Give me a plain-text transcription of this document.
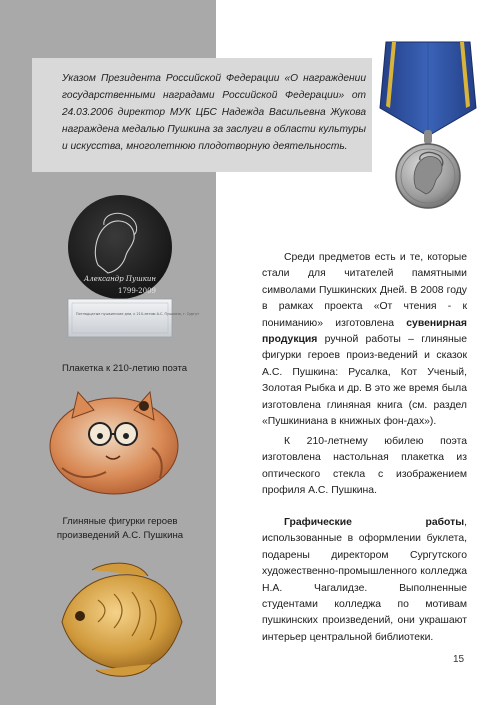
Указом Президента Российской Федерации «О награждении государственными наградами Российской Федерации» от 24.03.2006 директор МУК ЦБС Надежда Васильевна Жукова награждена медалью Пушкина за заслуги в области культуры и искусства, многолетнюю плодотворную деятельность.

Александр Пушкин
1799-2009
Пятнадцатые пушкинские дни, к 210-летию А.С. Пушкина, г. Сургут

Плакетка к 210-летию поэта

Глиняные фигурки героев произведений А.С. Пушкина

Среди предметов есть и те, которые стали для читателей памятными символами Пушкинских Дней. В 2008 году в рамках проекта «От чтения - к пониманию» изготовлена сувенирная продукция ручной работы – глиняные фигурки героев произ-ведений и сказок А.С. Пушкина: Русалка, Кот Ученый, Золотая Рыбка и др. В это же время была изготовлена глиняная книга (см. раздел «Пушкиниана в книжных фон-дах»).

К 210-летнему юбилею поэта изготовлена настольная плакетка из оптического стекла с изображением профиля А.С. Пушкина.

Графические работы, использованные в оформлении буклета, подарены директором Сургутского художественно-промышленного колледжа Н.А. Чагалидзе. Выполненные студентами колледжа по мотивам пушкинских произведений, они украшают интерьер центральной библиотеки.

15
